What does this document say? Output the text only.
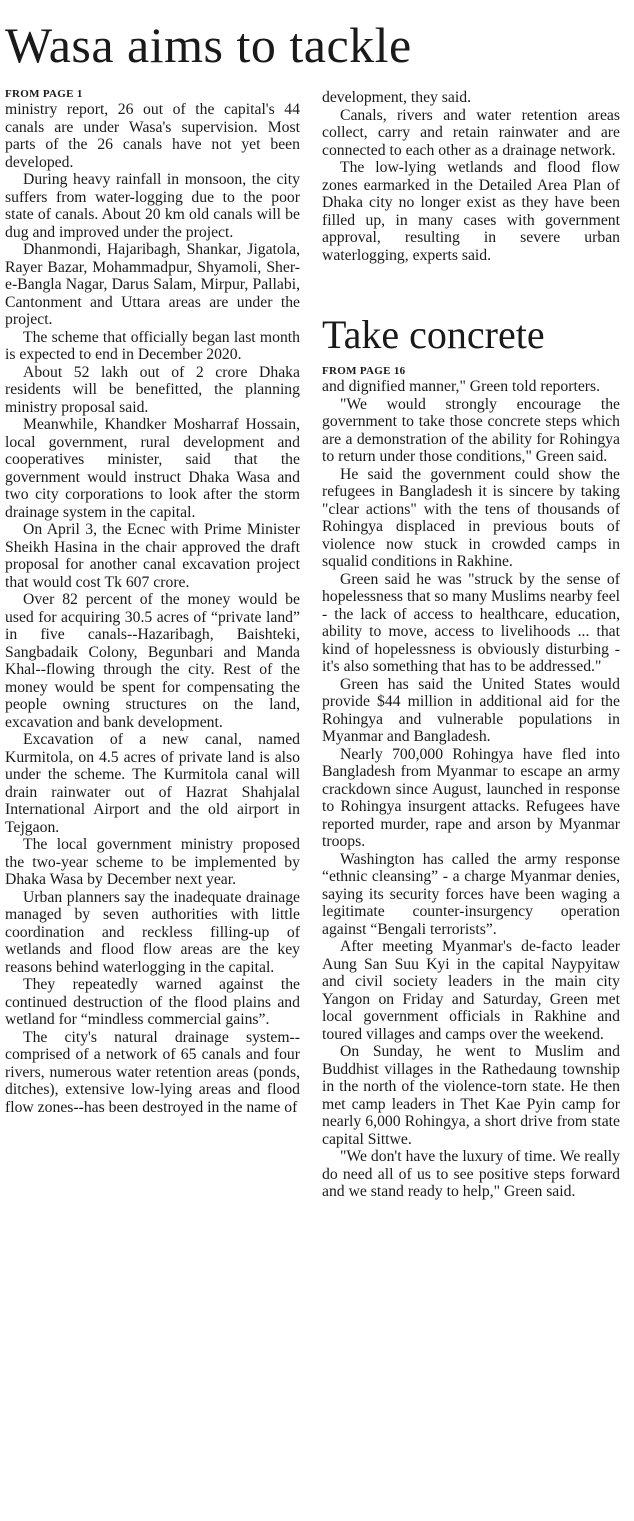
Wasa aims to tackle
FROM PAGE 1

ministry report, 26 out of the capital's 44 canals are under Wasa's supervision. Most parts of the 26 canals have not yet been developed.

During heavy rainfall in monsoon, the city suffers from water-logging due to the poor state of canals. About 20 km old canals will be dug and improved under the project.

Dhanmondi, Hajaribagh, Shankar, Jigatola, Rayer Bazar, Mohammadpur, Shyamoli, Sher-e-Bangla Nagar, Darus Salam, Mirpur, Pallabi, Cantonment and Uttara areas are under the project.

The scheme that officially began last month is expected to end in December 2020.

About 52 lakh out of 2 crore Dhaka residents will be benefitted, the planning ministry proposal said.

Meanwhile, Khandker Mosharraf Hossain, local government, rural development and cooperatives minister, said that the government would instruct Dhaka Wasa and two city corporations to look after the storm drainage system in the capital.

On April 3, the Ecnec with Prime Minister Sheikh Hasina in the chair approved the draft proposal for another canal excavation project that would cost Tk 607 crore.

Over 82 percent of the money would be used for acquiring 30.5 acres of “private land” in five canals--Hazaribagh, Baishteki, Sangbadaik Colony, Begunbari and Manda Khal--flowing through the city. Rest of the money would be spent for compensating the people owning structures on the land, excavation and bank development.

Excavation of a new canal, named Kurmitola, on 4.5 acres of private land is also under the scheme. The Kurmitola canal will drain rainwater out of Hazrat Shahjalal International Airport and the old airport in Tejgaon.

The local government ministry proposed the two-year scheme to be implemented by Dhaka Wasa by December next year.

Urban planners say the inadequate drainage managed by seven authorities with little coordination and reckless filling-up of wetlands and flood flow areas are the key reasons behind waterlogging in the capital.

They repeatedly warned against the continued destruction of the flood plains and wetland for “mindless commercial gains”.

The city's natural drainage system--comprised of a network of 65 canals and four rivers, numerous water retention areas (ponds, ditches), extensive low-lying areas and flood flow zones--has been destroyed in the name of

development, they said.

Canals, rivers and water retention areas collect, carry and retain rainwater and are connected to each other as a drainage network.

The low-lying wetlands and flood flow zones earmarked in the Detailed Area Plan of Dhaka city no longer exist as they have been filled up, in many cases with government approval, resulting in severe urban waterlogging, experts said.

Take concrete
FROM PAGE 16

and dignified manner," Green told reporters.

"We would strongly encourage the government to take those concrete steps which are a demonstration of the ability for Rohingya to return under those conditions," Green said.

He said the government could show the refugees in Bangladesh it is sincere by taking "clear actions" with the tens of thousands of Rohingya displaced in previous bouts of violence now stuck in crowded camps in squalid conditions in Rakhine.

Green said he was "struck by the sense of hopelessness that so many Muslims nearby feel - the lack of access to healthcare, education, ability to move, access to livelihoods ... that kind of hopelessness is obviously disturbing - it's also something that has to be addressed."

Green has said the United States would provide $44 million in additional aid for the Rohingya and vulnerable populations in Myanmar and Bangladesh.

Nearly 700,000 Rohingya have fled into Bangladesh from Myanmar to escape an army crackdown since August, launched in response to Rohingya insurgent attacks. Refugees have reported murder, rape and arson by Myanmar troops.

Washington has called the army response “ethnic cleansing” - a charge Myanmar denies, saying its security forces have been waging a legitimate counter-insurgency operation against “Bengali terrorists”.

After meeting Myanmar's de-facto leader Aung San Suu Kyi in the capital Naypyitaw and civil society leaders in the main city Yangon on Friday and Saturday, Green met local government officials in Rakhine and toured villages and camps over the weekend.

On Sunday, he went to Muslim and Buddhist villages in the Rathedaung township in the north of the violence-torn state. He then met camp leaders in Thet Kae Pyin camp for nearly 6,000 Rohingya, a short drive from state capital Sittwe.

"We don't have the luxury of time. We really do need all of us to see positive steps forward and we stand ready to help," Green said.
